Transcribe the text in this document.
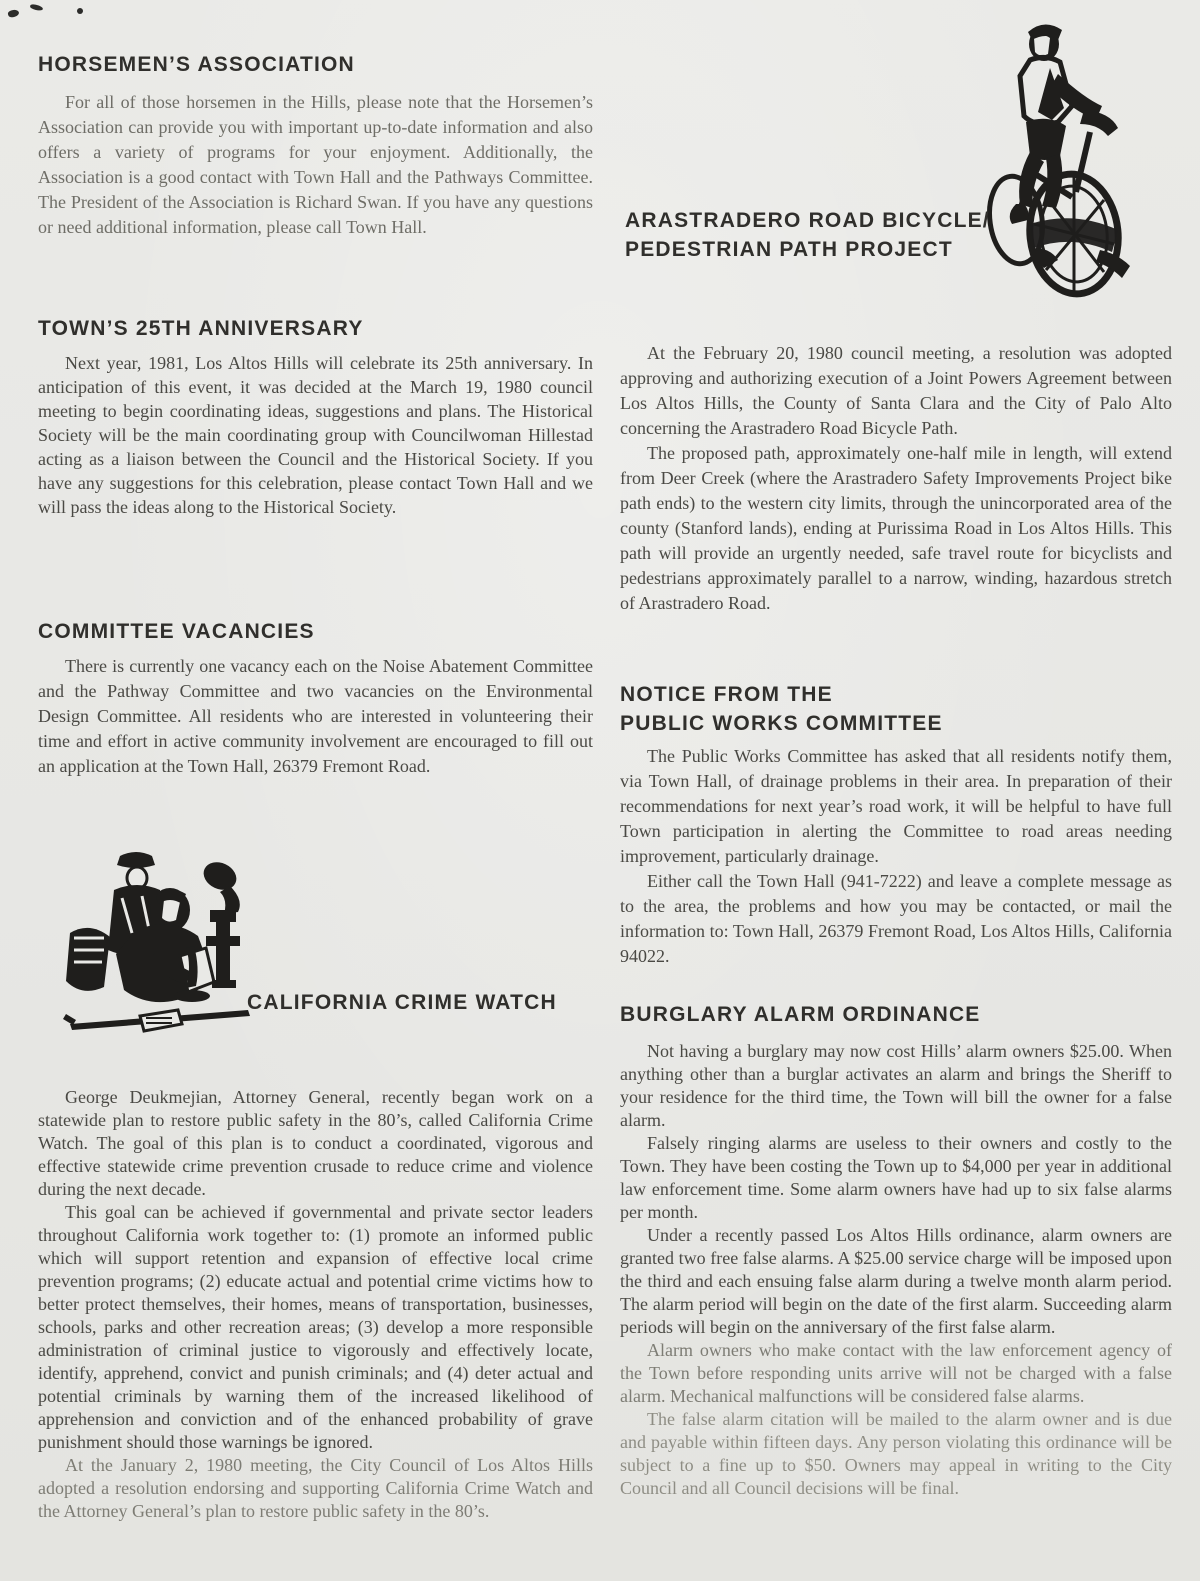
HORSEMEN’S ASSOCIATION

For all of those horsemen in the Hills, please note that the Horsemen’s Association can provide you with important up-to-date information and also offers a variety of programs for your enjoyment. Additionally, the Association is a good contact with Town Hall and the Pathways Committee. The President of the Association is Richard Swan. If you have any questions or need additional information, please call Town Hall.

TOWN’S 25TH ANNIVERSARY

Next year, 1981, Los Altos Hills will celebrate its 25th anniversary. In anticipation of this event, it was decided at the March 19, 1980 council meeting to begin coordinating ideas, suggestions and plans. The Historical Society will be the main coordinating group with Councilwoman Hillestad acting as a liaison between the Council and the Historical Society. If you have any suggestions for this celebration, please contact Town Hall and we will pass the ideas along to the Historical Society.

COMMITTEE VACANCIES

There is currently one vacancy each on the Noise Abatement Committee and the Pathway Committee and two vacancies on the Environmental Design Committee. All residents who are interested in volunteering their time and effort in active community involvement are encouraged to fill out an application at the Town Hall, 26379 Fremont Road.

CALIFORNIA CRIME WATCH

George Deukmejian, Attorney General, recently began work on a statewide plan to restore public safety in the 80’s, called California Crime Watch. The goal of this plan is to conduct a coordinated, vigorous and effective statewide crime prevention crusade to reduce crime and violence during the next decade.

This goal can be achieved if governmental and private sector leaders throughout California work together to: (1) promote an informed public which will support retention and expansion of effective local crime prevention programs; (2) educate actual and potential crime victims how to better protect themselves, their homes, means of transportation, businesses, schools, parks and other recreation areas; (3) develop a more responsible administration of criminal justice to vigorously and effectively locate, identify, apprehend, convict and punish criminals; and (4) deter actual and potential criminals by warning them of the increased likelihood of apprehension and conviction and of the enhanced probability of grave punishment should those warnings be ignored.

At the January 2, 1980 meeting, the City Council of Los Altos Hills adopted a resolution endorsing and supporting California Crime Watch and the Attorney General’s plan to restore public safety in the 80’s.

ARASTRADERO ROAD BICYCLE/
PEDESTRIAN PATH PROJECT

At the February 20, 1980 council meeting, a resolution was adopted approving and authorizing execution of a Joint Powers Agreement between Los Altos Hills, the County of Santa Clara and the City of Palo Alto concerning the Arastradero Road Bicycle Path.

The proposed path, approximately one-half mile in length, will extend from Deer Creek (where the Arastradero Safety Improvements Project bike path ends) to the western city limits, through the unincorporated area of the county (Stanford lands), ending at Purissima Road in Los Altos Hills. This path will provide an urgently needed, safe travel route for bicyclists and pedestrians approximately parallel to a narrow, winding, hazardous stretch of Arastradero Road.

NOTICE FROM THE
PUBLIC WORKS COMMITTEE

The Public Works Committee has asked that all residents notify them, via Town Hall, of drainage problems in their area. In preparation of their recommendations for next year’s road work, it will be helpful to have full Town participation in alerting the Committee to road areas needing improvement, particularly drainage.

Either call the Town Hall (941-7222) and leave a complete message as to the area, the problems and how you may be contacted, or mail the information to: Town Hall, 26379 Fremont Road, Los Altos Hills, California 94022.

BURGLARY ALARM ORDINANCE

Not having a burglary may now cost Hills’ alarm owners $25.00. When anything other than a burglar activates an alarm and brings the Sheriff to your residence for the third time, the Town will bill the owner for a false alarm.

Falsely ringing alarms are useless to their owners and costly to the Town. They have been costing the Town up to $4,000 per year in additional law enforcement time. Some alarm owners have had up to six false alarms per month.

Under a recently passed Los Altos Hills ordinance, alarm owners are granted two free false alarms. A $25.00 service charge will be imposed upon the third and each ensuing false alarm during a twelve month alarm period. The alarm period will begin on the date of the first alarm. Succeeding alarm periods will begin on the anniversary of the first false alarm.

Alarm owners who make contact with the law enforcement agency of the Town before responding units arrive will not be charged with a false alarm. Mechanical malfunctions will be considered false alarms.

The false alarm citation will be mailed to the alarm owner and is due and payable within fifteen days. Any person violating this ordinance will be subject to a fine up to $50. Owners may appeal in writing to the City Council and all Council decisions will be final.
